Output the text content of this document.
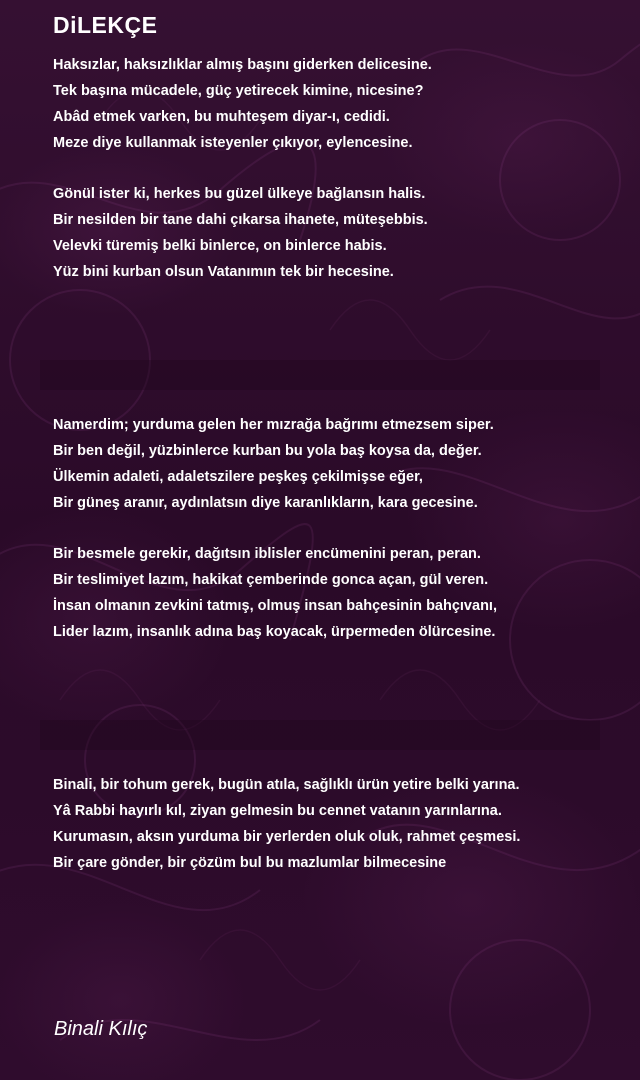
DiLEKÇE
Haksızlar, haksızlıklar almış başını giderken delicesine.
Tek başına mücadele, güç yetirecek kimine, nicesine?
Abâd etmek varken, bu muhteşem diyar-ı, cedidi.
Meze diye kullanmak isteyenler çıkıyor, eylencesine.
Gönül ister ki, herkes bu güzel ülkeye bağlansın halis.
Bir nesilden bir tane dahi çıkarsa ihanete, müteşebbis.
Velevki türemiş belki binlerce, on binlerce habis.
Yüz bini kurban olsun Vatanımın tek bir hecesine.
Namerdim; yurduma gelen her mızrağa bağrımı etmezsem siper.
Bir ben değil, yüzbinlerce kurban bu yola baş koysa da, değer.
Ülkemin adaleti, adaletszilere peşkeş çekilmişse eğer,
Bir güneş aranır, aydınlatsın diye karanlıkların, kara gecesine.
Bir besmele gerekir, dağıtsın iblisler encümenini peran, peran.
Bir teslimiyet lazım, hakikat çemberinde gonca açan, gül veren.
İnsan olmanın zevkini tatmış, olmuş insan bahçesinin bahçıvanı,
Lider lazım, insanlık adına baş koyacak, ürpermeden ölürcesine.
Binali, bir tohum gerek, bugün atıla, sağlıklı ürün yetire belki yarına.
Yâ Rabbi hayırlı kıl, ziyan gelmesin bu cennet vatanın yarınlarına.
Kurumasın, aksın yurduma bir yerlerden oluk oluk, rahmet çeşmesi.
Bir çare gönder, bir çözüm bul bu mazlumlar bilmecesine
Binali Kılıç
